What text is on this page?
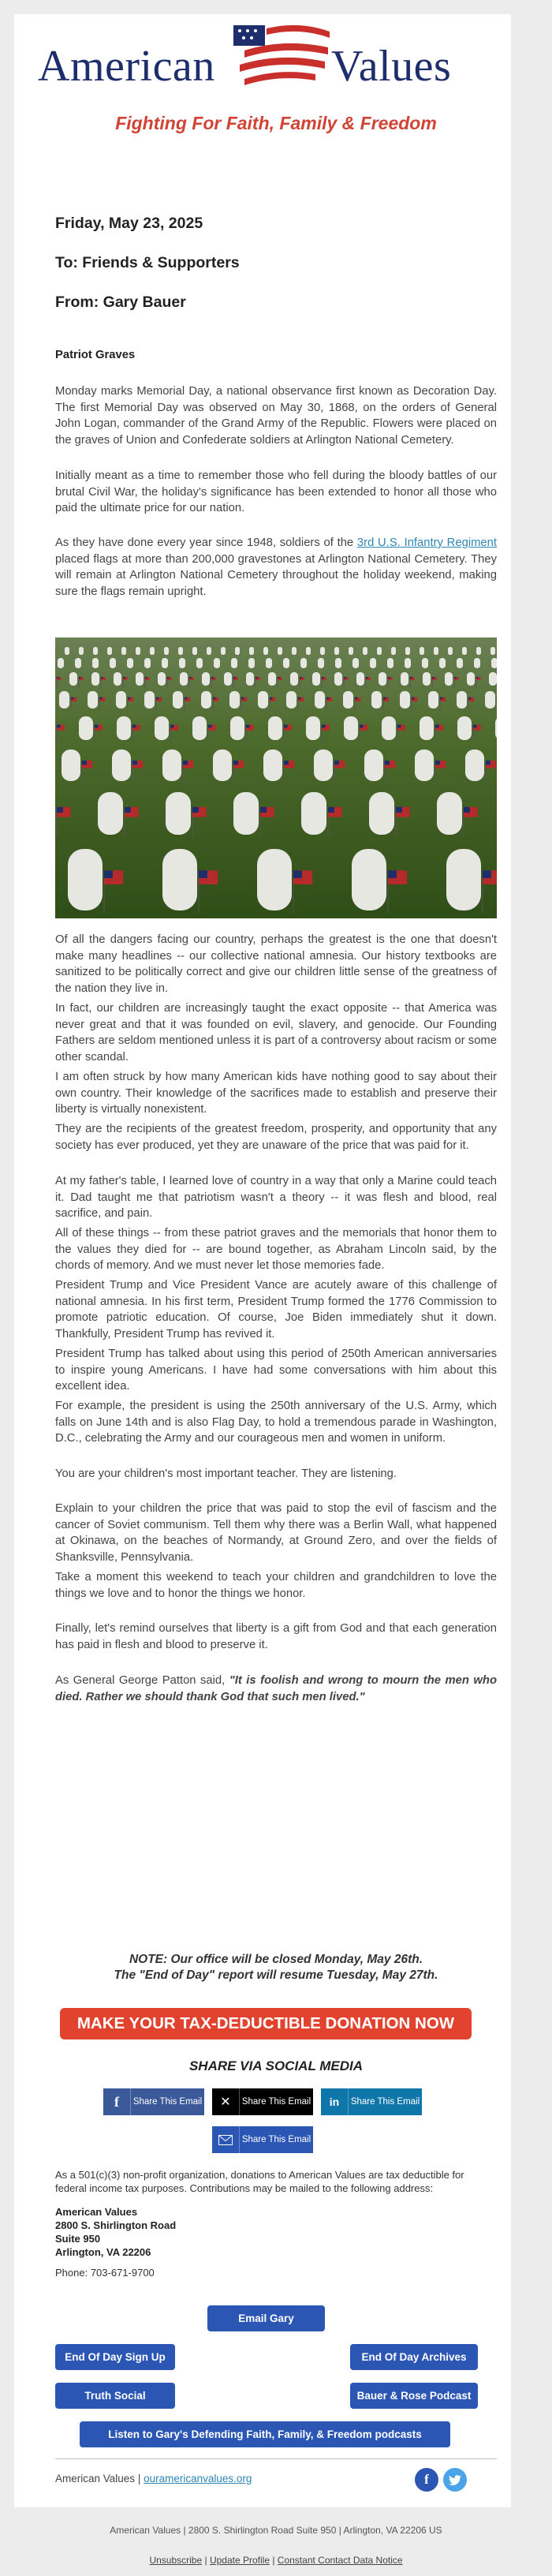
American	Values
Fighting For Faith, Family & Freedom
Friday, May 23, 2025
To: Friends & Supporters
From: Gary Bauer
Patriot Graves

Monday marks Memorial Day, a national observance first known as Decoration Day. The first Memorial Day was observed on May 30, 1868, on the orders of General John Logan, commander of the Grand Army of the Republic. Flowers were placed on the graves of Union and Confederate soldiers at Arlington National Cemetery.

Initially meant as a time to remember those who fell during the bloody battles of our brutal Civil War, the holiday's significance has been extended to honor all those who paid the ultimate price for our nation.

As they have done every year since 1948, soldiers of the 3rd U.S. Infantry Regiment placed flags at more than 200,000 gravestones at Arlington National Cemetery. They will remain at Arlington National Cemetery throughout the holiday weekend, making sure the flags remain upright.

Of all the dangers facing our country, perhaps the greatest is the one that doesn't make many headlines -- our collective national amnesia. Our history textbooks are sanitized to be politically correct and give our children little sense of the greatness of the nation they live in.

In fact, our children are increasingly taught the exact opposite -- that America was never great and that it was founded on evil, slavery, and genocide. Our Founding Fathers are seldom mentioned unless it is part of a controversy about racism or some other scandal.

I am often struck by how many American kids have nothing good to say about their own country. Their knowledge of the sacrifices made to establish and preserve their liberty is virtually nonexistent.

They are the recipients of the greatest freedom, prosperity, and opportunity that any society has ever produced, yet they are unaware of the price that was paid for it.

At my father's table, I learned love of country in a way that only a Marine could teach it. Dad taught me that patriotism wasn't a theory -- it was flesh and blood, real sacrifice, and pain.

All of these things -- from these patriot graves and the memorials that honor them to the values they died for -- are bound together, as Abraham Lincoln said, by the chords of memory. And we must never let those memories fade.

President Trump and Vice President Vance are acutely aware of this challenge of national amnesia. In his first term, President Trump formed the 1776 Commission to promote patriotic education. Of course, Joe Biden immediately shut it down. Thankfully, President Trump has revived it.

President Trump has talked about using this period of 250th American anniversaries to inspire young Americans. I have had some conversations with him about this excellent idea.

For example, the president is using the 250th anniversary of the U.S. Army, which falls on June 14th and is also Flag Day, to hold a tremendous parade in Washington, D.C., celebrating the Army and our courageous men and women in uniform.

You are your children's most important teacher. They are listening.

Explain to your children the price that was paid to stop the evil of fascism and the cancer of Soviet communism. Tell them why there was a Berlin Wall, what happened at Okinawa, on the beaches of Normandy, at Ground Zero, and over the fields of Shanksville, Pennsylvania.

Take a moment this weekend to teach your children and grandchildren to love the things we love and to honor the things we honor.

Finally, let's remind ourselves that liberty is a gift from God and that each generation has paid in flesh and blood to preserve it.

As General George Patton said, "It is foolish and wrong to mourn the men who died. Rather we should thank God that such men lived."

NOTE: Our office will be closed Monday, May 26th.
The "End of Day" report will resume Tuesday, May 27th.
MAKE YOUR TAX-DEDUCTIBLE DONATION NOW
SHARE VIA SOCIAL MEDIA
f Share This Email ✕ Share This Email in Share This Email
Share This Email
As a 501(c)(3) non-profit organization, donations to American Values are tax deductible for federal income tax purposes. Contributions may be mailed to the following address:
American Values
2800 S. Shirlington Road
Suite 950
Arlington, VA 22206
Phone: 703-671-9700
Email Gary
End Of Day Sign Up	End Of Day Archives
Truth Social	Bauer & Rose Podcast
Listen to Gary's Defending Faith, Family, & Freedom podcasts
American Values | ouramericanvalues.org	f
American Values | 2800 S. Shirlington Road Suite 950 | Arlington, VA 22206 US
Unsubscribe | Update Profile | Constant Contact Data Notice
